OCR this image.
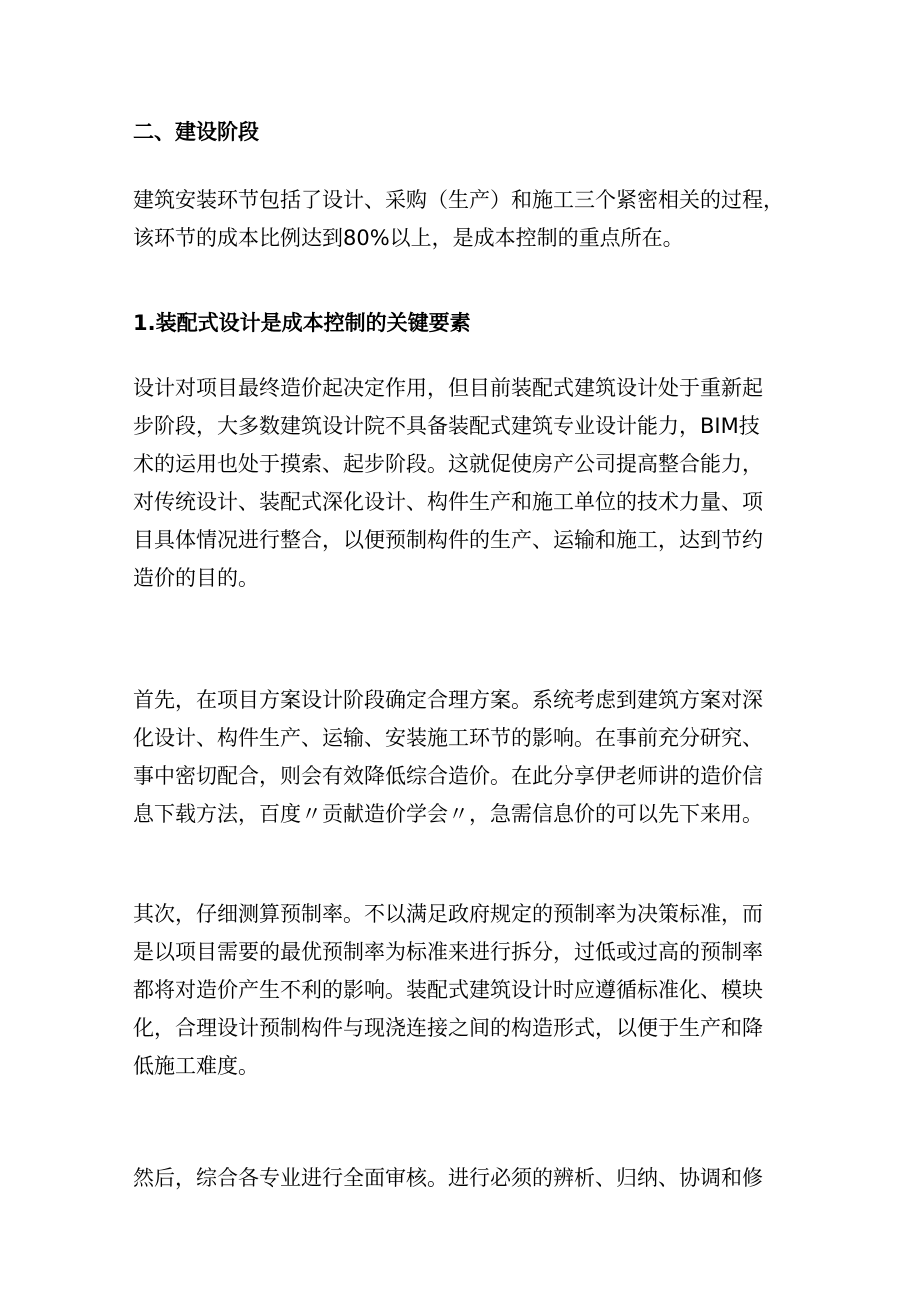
二、建设阶段

建筑安装环节包括了设计、采购（生产）和施工三个紧密相关的过程，
该环节的成本比例达到80%以上，是成本控制的重点所在。

1.装配式设计是成本控制的关键要素

设计对项目最终造价起决定作用，但目前装配式建筑设计处于重新起
步阶段，大多数建筑设计院不具备装配式建筑专业设计能力，BIM技
术的运用也处于摸索、起步阶段。这就促使房产公司提高整合能力，
对传统设计、装配式深化设计、构件生产和施工单位的技术力量、项
目具体情况进行整合，以便预制构件的生产、运输和施工，达到节约
造价的目的。

首先，在项目方案设计阶段确定合理方案。系统考虑到建筑方案对深
化设计、构件生产、运输、安装施工环节的影响。在事前充分研究、
事中密切配合，则会有效降低综合造价。在此分享伊老师讲的造价信
息下载方法，百度〃贡献造价学会〃，急需信息价的可以先下来用。

其次，仔细测算预制率。不以满足政府规定的预制率为决策标准，而
是以项目需要的最优预制率为标准来进行拆分，过低或过高的预制率
都将对造价产生不利的影响。装配式建筑设计时应遵循标准化、模块
化，合理设计预制构件与现浇连接之间的构造形式，以便于生产和降
低施工难度。

然后，综合各专业进行全面审核。进行必须的辨析、归纳、协调和修
